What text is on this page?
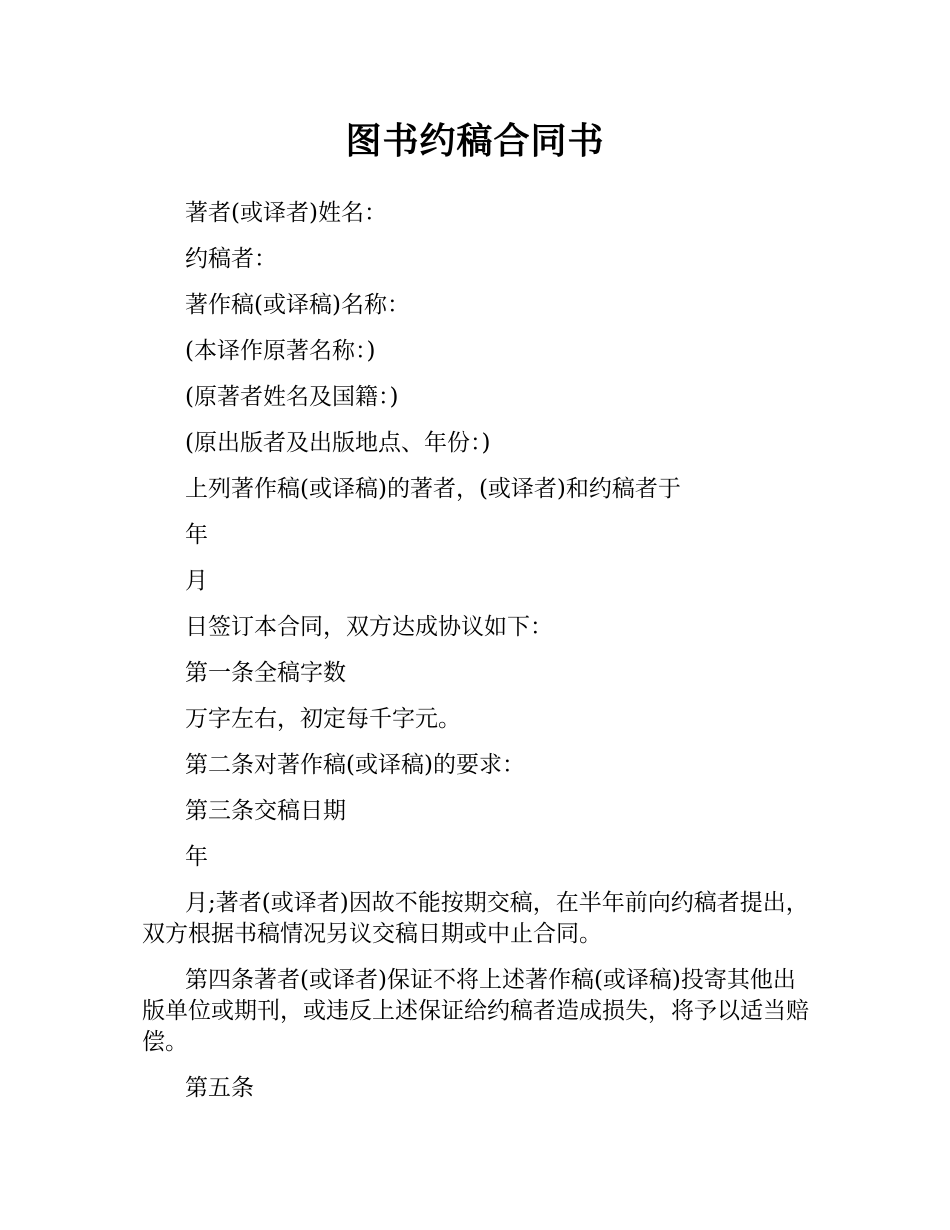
图书约稿合同书

著者(或译者)姓名：

约稿者：

著作稿(或译稿)名称：

(本译作原著名称：)

(原著者姓名及国籍：)

(原出版者及出版地点、年份：)

上列著作稿(或译稿)的著者，(或译者)和约稿者于

年

月

日签订本合同，双方达成协议如下：

第一条全稿字数

万字左右，初定每千字元。

第二条对著作稿(或译稿)的要求：

第三条交稿日期

年

月;著者(或译者)因故不能按期交稿，在半年前向约稿者提出，双方根据书稿情况另议交稿日期或中止合同。

第四条著者(或译者)保证不将上述著作稿(或译稿)投寄其他出版单位或期刊，或违反上述保证给约稿者造成损失，将予以适当赔偿。

第五条
